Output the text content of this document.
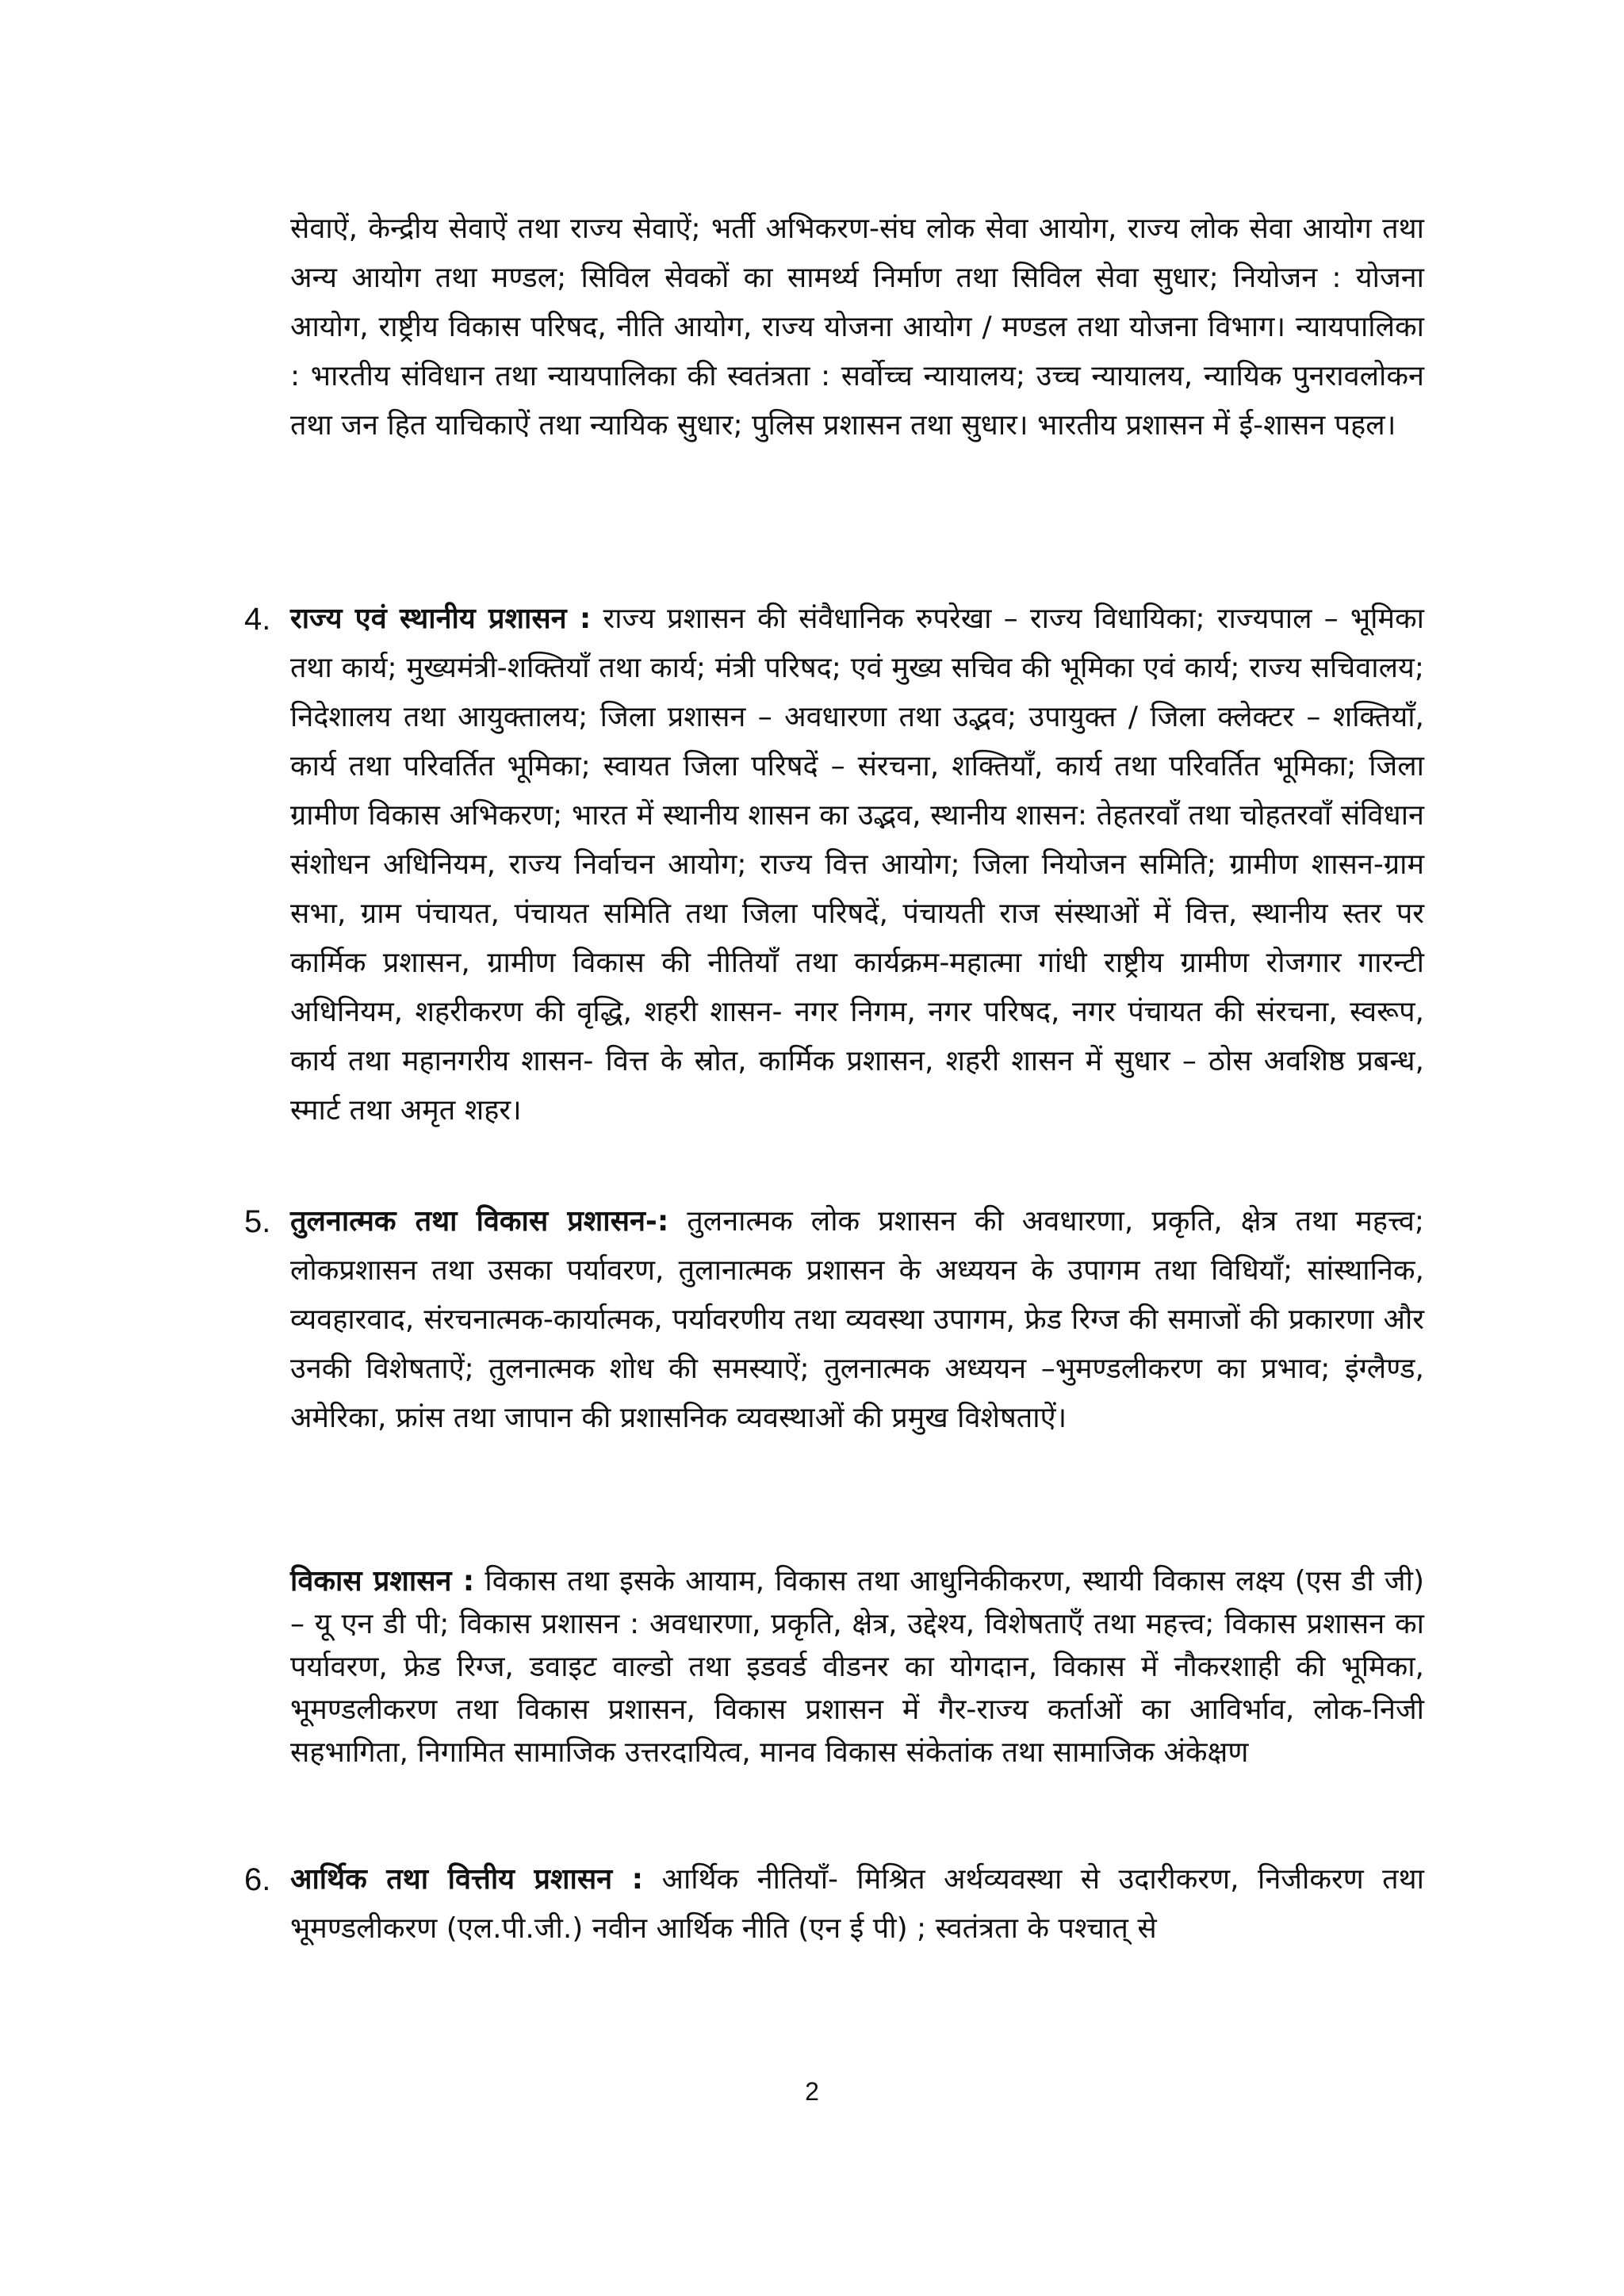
सेवाऐं, केन्द्रीय सेवाऐं तथा राज्य सेवाऐं; भर्ती अभिकरण-संघ लोक सेवा आयोग, राज्य लोक सेवा आयोग तथा अन्य आयोग तथा मण्डल; सिविल सेवकों का सामर्थ्य निर्माण तथा सिविल सेवा सुधार; नियोजन : योजना आयोग, राष्ट्रीय विकास परिषद, नीति आयोग, राज्य योजना आयोग / मण्डल तथा योजना विभाग। न्यायपालिका : भारतीय संविधान तथा न्यायपालिका की स्वतंत्रता : सर्वोच्च न्यायालय; उच्च न्यायालय, न्यायिक पुनरावलोकन तथा जन हित याचिकाऐं तथा न्यायिक सुधार; पुलिस प्रशासन तथा सुधार। भारतीय प्रशासन में ई-शासन पहल।

4. राज्य एवं स्थानीय प्रशासन : राज्य प्रशासन की संवैधानिक रुपरेखा – राज्य विधायिका; राज्यपाल – भूमिका तथा कार्य; मुख्यमंत्री-शक्तियाँ तथा कार्य; मंत्री परिषद; एवं मुख्य सचिव की भूमिका एवं कार्य; राज्य सचिवालय; निदेशालय तथा आयुक्तालय; जिला प्रशासन – अवधारणा तथा उद्भव; उपायुक्त / जिला क्लेक्टर – शक्तियाँ, कार्य तथा परिवर्तित भूमिका; स्वायत जिला परिषदें – संरचना, शक्तियाँ, कार्य तथा परिवर्तित भूमिका; जिला ग्रामीण विकास अभिकरण; भारत में स्थानीय शासन का उद्भव, स्थानीय शासन: तेहतरवाँ तथा चोहतरवाँ संविधान संशोधन अधिनियम, राज्य निर्वाचन आयोग; राज्य वित्त आयोग; जिला नियोजन समिति; ग्रामीण शासन-ग्राम सभा, ग्राम पंचायत, पंचायत समिति तथा जिला परिषदें, पंचायती राज संस्थाओं में वित्त, स्थानीय स्तर पर कार्मिक प्रशासन, ग्रामीण विकास की नीतियाँ तथा कार्यक्रम-महात्मा गांधी राष्ट्रीय ग्रामीण रोजगार गारन्टी अधिनियम, शहरीकरण की वृद्धि, शहरी शासन- नगर निगम, नगर परिषद, नगर पंचायत की संरचना, स्वरूप, कार्य तथा महानगरीय शासन- वित्त के स्रोत, कार्मिक प्रशासन, शहरी शासन में सुधार – ठोस अवशिष्ठ प्रबन्ध, स्मार्ट तथा अमृत शहर।

5. तुलनात्मक तथा विकास प्रशासन-: तुलनात्मक लोक प्रशासन की अवधारणा, प्रकृति, क्षेत्र तथा महत्त्व; लोकप्रशासन तथा उसका पर्यावरण, तुलानात्मक प्रशासन के अध्ययन के उपागम तथा विधियाँ; सांस्थानिक, व्यवहारवाद, संरचनात्मक-कार्यात्मक, पर्यावरणीय तथा व्यवस्था उपागम, फ्रेड रिग्ज की समाजों की प्रकारणा और उनकी विशेषताऐं; तुलनात्मक शोध की समस्याऐं; तुलनात्मक अध्ययन –भुमण्डलीकरण का प्रभाव; इंग्लैण्ड, अमेरिका, फ्रांस तथा जापान की प्रशासनिक व्यवस्थाओं की प्रमुख विशेषताऐं।

विकास प्रशासन : विकास तथा इसके आयाम, विकास तथा आधुनिकीकरण, स्थायी विकास लक्ष्य (एस डी जी) – यू एन डी पी; विकास प्रशासन : अवधारणा, प्रकृति, क्षेत्र, उद्देश्य, विशेषताएँ तथा महत्त्व; विकास प्रशासन का पर्यावरण, फ्रेड रिग्ज, डवाइट वाल्डो तथा इडवर्ड वीडनर का योगदान, विकास में नौकरशाही की भूमिका, भूमण्डलीकरण तथा विकास प्रशासन, विकास प्रशासन में गैर-राज्य कर्ताओं का आविर्भाव, लोक-निजी सहभागिता, निगामित सामाजिक उत्तरदायित्व, मानव विकास संकेतांक तथा सामाजिक अंकेक्षण

6. आर्थिक तथा वित्तीय प्रशासन : आर्थिक नीतियाँ- मिश्रित अर्थव्यवस्था से उदारीकरण, निजीकरण तथा भूमण्डलीकरण (एल.पी.जी.) नवीन आर्थिक नीति (एन ई पी) ; स्वतंत्रता के पश्चात् से

2
